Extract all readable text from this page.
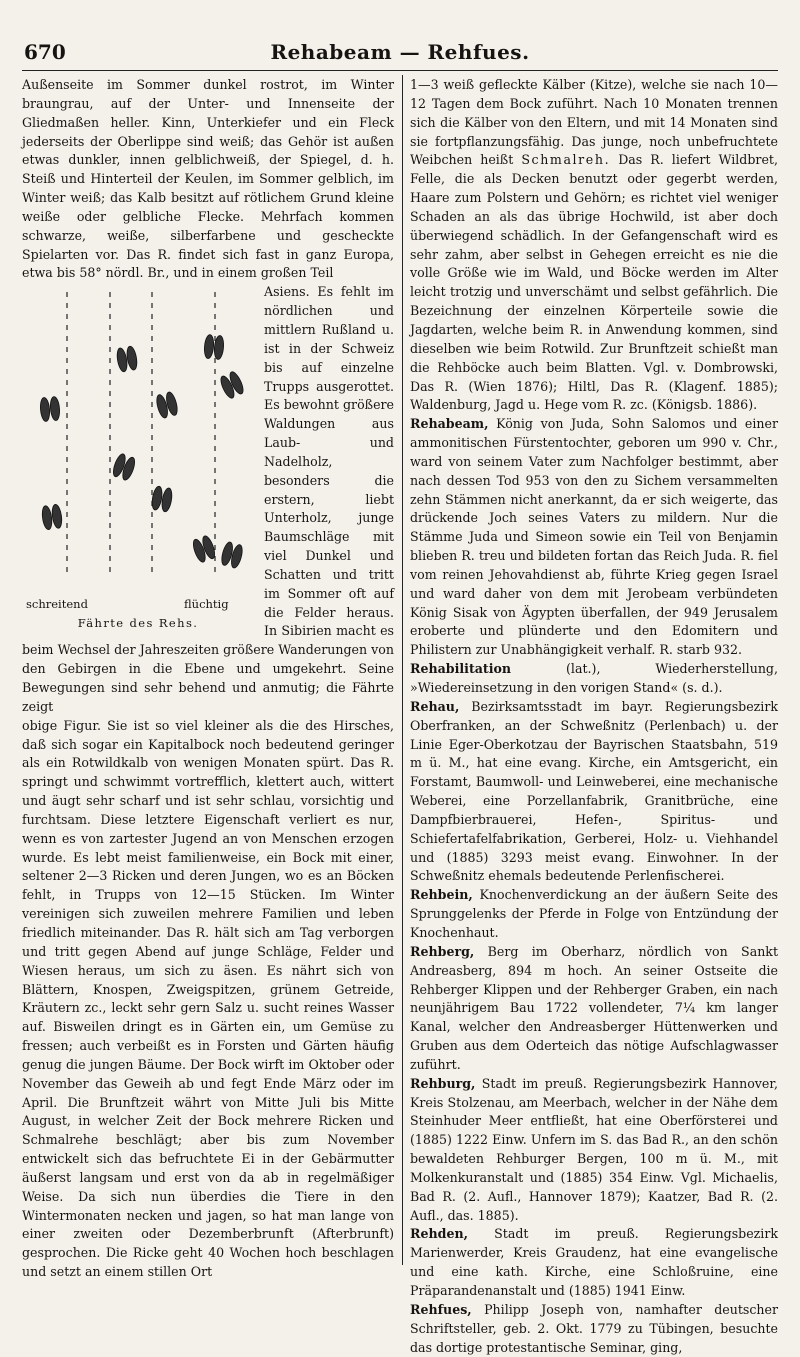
670	Rehabeam — Rehfues.

Außenseite im Sommer dunkel rostrot, im Winter braungrau, auf der Unter- und Innenseite der Gliedmaßen heller. Kinn, Unterkiefer und ein Fleck jederseits der Oberlippe sind weiß; das Gehör ist außen etwas dunkler, innen gelblichweiß, der Spiegel, d. h. Steiß und Hinterteil der Keulen, im Sommer gelblich, im Winter weiß; das Kalb besitzt auf rötlichem Grund kleine weiße oder gelbliche Flecke. Mehrfach kommen schwarze, weiße, silberfarbene und gescheckte Spielarten vor. Das R. findet sich fast in ganz Europa, etwa bis 58° nördl. Br., und in einem großen Teil

schreitend	flüchtig
Fährte des Rehs.

Asiens. Es fehlt im nördlichen und mittlern Rußland u. ist in der Schweiz bis auf einzelne Trupps ausgerottet. Es bewohnt größere Waldungen aus Laub- und Nadelholz, besonders die erstern, liebt Unterholz, junge Baumschläge mit viel Dunkel und Schatten und tritt im Sommer oft auf die Felder heraus. In Sibirien macht es beim Wechsel der Jahreszeiten größere Wanderungen von den Gebirgen in die Ebene und umgekehrt. Seine Bewegungen sind sehr behend und anmutig; die Fährte zeigt

obige Figur. Sie ist so viel kleiner als die des Hirsches, daß sich sogar ein Kapitalbock noch bedeutend geringer als ein Rotwildkalb von wenigen Monaten spürt. Das R. springt und schwimmt vortrefflich, klettert auch, wittert und äugt sehr scharf und ist sehr schlau, vorsichtig und furchtsam. Diese letztere Eigenschaft verliert es nur, wenn es von zartester Jugend an von Menschen erzogen wurde. Es lebt meist familienweise, ein Bock mit einer, seltener 2—3 Ricken und deren Jungen, wo es an Böcken fehlt, in Trupps von 12—15 Stücken. Im Winter vereinigen sich zuweilen mehrere Familien und leben friedlich miteinander. Das R. hält sich am Tag verborgen und tritt gegen Abend auf junge Schläge, Felder und Wiesen heraus, um sich zu äsen. Es nährt sich von Blättern, Knospen, Zweigspitzen, grünem Getreide, Kräutern zc., leckt sehr gern Salz u. sucht reines Wasser auf. Bisweilen dringt es in Gärten ein, um Gemüse zu fressen; auch verbeißt es in Forsten und Gärten häufig genug die jungen Bäume. Der Bock wirft im Oktober oder November das Geweih ab und fegt Ende März oder im April. Die Brunftzeit währt von Mitte Juli bis Mitte August, in welcher Zeit der Bock mehrere Ricken und Schmalrehe beschlägt; aber bis zum November entwickelt sich das befruchtete Ei in der Gebärmutter äußerst langsam und erst von da ab in regelmäßiger Weise. Da sich nun überdies die Tiere in den Wintermonaten necken und jagen, so hat man lange von einer zweiten oder Dezemberbrunft (Afterbrunft) gesprochen. Die Ricke geht 40 Wochen hoch beschlagen und setzt an einem stillen Ort

1—3 weiß gefleckte Kälber (Kitze), welche sie nach 10—12 Tagen dem Bock zuführt. Nach 10 Monaten trennen sich die Kälber von den Eltern, und mit 14 Monaten sind sie fortpflanzungsfähig. Das junge, noch unbefruchtete Weibchen heißt Schmalreh. Das R. liefert Wildbret, Felle, die als Decken benutzt oder gegerbt werden, Haare zum Polstern und Gehörn; es richtet viel weniger Schaden an als das übrige Hochwild, ist aber doch überwiegend schädlich. In der Gefangenschaft wird es sehr zahm, aber selbst in Gehegen erreicht es nie die volle Größe wie im Wald, und Böcke werden im Alter leicht trotzig und unverschämt und selbst gefährlich. Die Bezeichnung der einzelnen Körperteile sowie die Jagdarten, welche beim R. in Anwendung kommen, sind dieselben wie beim Rotwild. Zur Brunftzeit schießt man die Rehböcke auch beim Blatten. Vgl. v. Dombrowski, Das R. (Wien 1876); Hiltl, Das R. (Klagenf. 1885); Waldenburg, Jagd u. Hege vom R. zc. (Königsb. 1886).

Rehabeam, König von Juda, Sohn Salomos und einer ammonitischen Fürstentochter, geboren um 990 v. Chr., ward von seinem Vater zum Nachfolger bestimmt, aber nach dessen Tod 953 von den zu Sichem versammelten zehn Stämmen nicht anerkannt, da er sich weigerte, das drückende Joch seines Vaters zu mildern. Nur die Stämme Juda und Simeon sowie ein Teil von Benjamin blieben R. treu und bildeten fortan das Reich Juda. R. fiel vom reinen Jehovahdienst ab, führte Krieg gegen Israel und ward daher von dem mit Jerobeam verbündeten König Sisak von Ägypten überfallen, der 949 Jerusalem eroberte und plünderte und den Edomitern und Philistern zur Unabhängigkeit verhalf. R. starb 932.

Rehabilitation	(lat.), Wiederherstellung, »Wiedereinsetzung in den vorigen Stand« (s. d.).

Rehau, Bezirksamtsstadt im bayr. Regierungsbezirk Oberfranken, an der Schweßnitz (Perlenbach) u. der Linie Eger-Oberkotzau der Bayrischen Staatsbahn, 519 m ü. M., hat eine evang. Kirche, ein Amtsgericht, ein Forstamt, Baumwoll- und Leinweberei, eine mechanische Weberei, eine Porzellanfabrik, Granitbrüche, eine Dampfbierbrauerei, Hefen-, Spiritus- und Schiefertafelfabrikation, Gerberei, Holz- u. Viehhandel und (1885) 3293 meist evang. Einwohner. In der Schweßnitz ehemals bedeutende Perlenfischerei.

Rehbein, Knochenverdickung an der äußern Seite des Sprunggelenks der Pferde in Folge von Entzündung der Knochenhaut.

Rehberg, Berg im Oberharz, nördlich von Sankt Andreasberg, 894 m hoch. An seiner Ostseite die Rehberger Klippen und der Rehberger Graben, ein nach neunjährigem Bau 1722 vollendeter, 7¼ km langer Kanal, welcher den Andreasberger Hüttenwerken und Gruben aus dem Oderteich das nötige Aufschlagwasser zuführt.

Rehburg, Stadt im preuß. Regierungsbezirk Hannover, Kreis Stolzenau, am Meerbach, welcher in der Nähe dem Steinhuder Meer entfließt, hat eine Oberförsterei und (1885) 1222 Einw. Unfern im S. das Bad R., an den schön bewaldeten Rehburger Bergen, 100 m ü. M., mit Molkenkuranstalt und (1885) 354 Einw. Vgl. Michaelis, Bad R. (2. Aufl., Hannover 1879); Kaatzer, Bad R. (2. Aufl., das. 1885).

Rehden, Stadt im preuß. Regierungsbezirk Marienwerder, Kreis Graudenz, hat eine evangelische und eine kath. Kirche, eine Schloßruine, eine Präparandenanstalt und (1885) 1941 Einw.

Rehfues, Philipp Joseph von, namhafter deutscher Schriftsteller, geb. 2. Okt. 1779 zu Tübingen, besuchte das dortige protestantische Seminar, ging,
